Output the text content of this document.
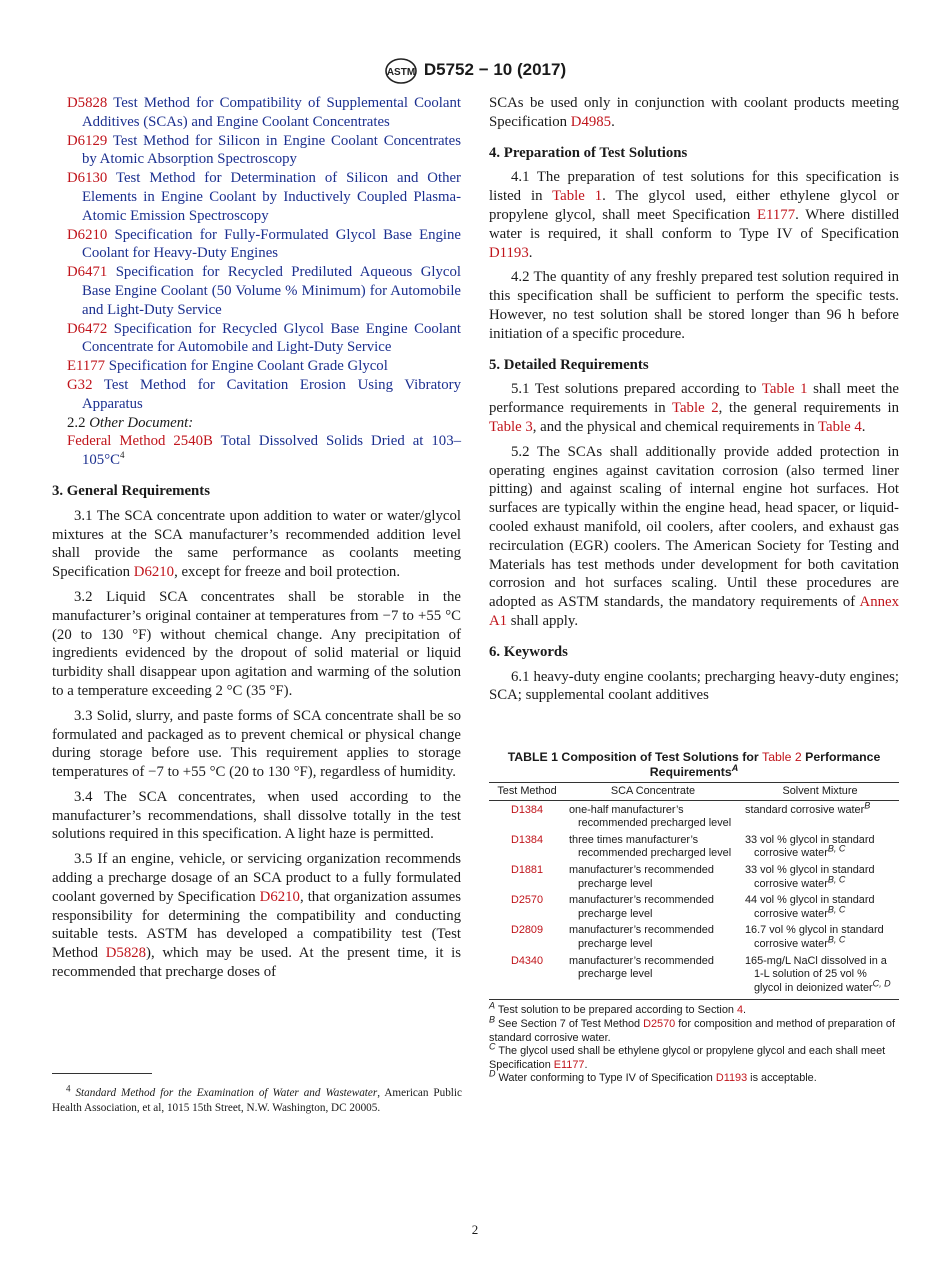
ASTM D5752 − 10 (2017)

D5828 Test Method for Compatibility of Supplemental Coolant Additives (SCAs) and Engine Coolant Concentrates

D6129 Test Method for Silicon in Engine Coolant Concentrates by Atomic Absorption Spectroscopy

D6130 Test Method for Determination of Silicon and Other Elements in Engine Coolant by Inductively Coupled Plasma-Atomic Emission Spectroscopy

D6210 Specification for Fully-Formulated Glycol Base Engine Coolant for Heavy-Duty Engines

D6471 Specification for Recycled Prediluted Aqueous Glycol Base Engine Coolant (50 Volume % Minimum) for Automobile and Light-Duty Service

D6472 Specification for Recycled Glycol Base Engine Coolant Concentrate for Automobile and Light-Duty Service

E1177 Specification for Engine Coolant Grade Glycol

G32 Test Method for Cavitation Erosion Using Vibratory Apparatus

2.2 Other Document:

Federal Method 2540B Total Dissolved Solids Dried at $103-105^\circ C^4$

3. General Requirements

3.1 The SCA concentrate upon addition to water or water/glycol mixtures at the SCA manufacturer’s recommended addition level shall provide the same performance as coolants meeting Specification D6210, except for freeze and boil protection.

3.2 Liquid SCA concentrates shall be storable in the manufacturer’s original container at temperatures from −7 to +55 °C (20 to 130 °F) without chemical change. Any precipitation of ingredients evidenced by the dropout of solid material or liquid turbidity shall disappear upon agitation and warming of the solution to a temperature exceeding 2 °C (35 °F).

3.3 Solid, slurry, and paste forms of SCA concentrate shall be so formulated and packaged as to prevent chemical or physical change during storage before use. This requirement applies to storage temperatures of −7 to +55 °C (20 to 130 °F), regardless of humidity.

3.4 The SCA concentrates, when used according to the manufacturer’s recommendations, shall dissolve totally in the test solutions required in this specification. A light haze is permitted.

3.5 If an engine, vehicle, or servicing organization recommends adding a precharge dosage of an SCA product to a fully formulated coolant governed by Specification D6210, that organization assumes responsibility for determining the compatibility and conducting suitable tests. ASTM has developed a compatibility test (Test Method D5828), which may be used. At the present time, it is recommended that precharge doses of

$^4$ Standard Method for the Examination of Water and Wastewater, American Public Health Association, et al, 1015 15th Street, N.W. Washington, DC 20005.

SCAs be used only in conjunction with coolant products meeting Specification D4985.

4. Preparation of Test Solutions

4.1 The preparation of test solutions for this specification is listed in Table 1. The glycol used, either ethylene glycol or propylene glycol, shall meet Specification E1177. Where distilled water is required, it shall conform to Type IV of Specification D1193.

4.2 The quantity of any freshly prepared test solution required in this specification shall be sufficient to perform the specific tests. However, no test solution shall be stored longer than 96 h before initiation of a specific procedure.

5. Detailed Requirements

5.1 Test solutions prepared according to Table 1 shall meet the performance requirements in Table 2, the general requirements in Table 3, and the physical and chemical requirements in Table 4.

5.2 The SCAs shall additionally provide added protection in operating engines against cavitation corrosion (also termed liner pitting) and against scaling of internal engine hot surfaces. Hot surfaces are typically within the engine head, head spacer, or liquid-cooled exhaust manifold, oil coolers, after coolers, and exhaust gas recirculation (EGR) coolers. The American Society for Testing and Materials has test methods under development for both cavitation corrosion and hot surfaces scaling. Until these procedures are adopted as ASTM standards, the mandatory requirements of Annex A1 shall apply.

6. Keywords

6.1 heavy-duty engine coolants; precharging heavy-duty engines; SCA; supplemental coolant additives

TABLE 1 Composition of Test Solutions for Table 2 Performance Requirements$^A$
Test Method	SCA Concentrate	Solvent Mixture
D1384	one-half manufacturer’s recommended precharged level	standard corrosive water$^B$
D1384	three times manufacturer’s recommended precharged level	33 vol % glycol in standard corrosive water$^{B, C}$
D1881	manufacturer’s recommended precharge level	33 vol % glycol in standard corrosive water$^{B, C}$
D2570	manufacturer’s recommended precharge level	44 vol % glycol in standard corrosive water$^{B, C}$
D2809	manufacturer’s recommended precharge level	16.7 vol % glycol in standard corrosive water$^{B, C}$
D4340	manufacturer’s recommended precharge level	165-mg/L NaCl dissolved in a 1-L solution of 25 vol % glycol in deionized water$^{C, D}$

$^A$ Test solution to be prepared according to Section 4.

$^B$ See Section 7 of Test Method D2570 for composition and method of preparation of standard corrosive water.

$^C$ The glycol used shall be ethylene glycol or propylene glycol and each shall meet Specification E1177.

$^D$ Water conforming to Type IV of Specification D1193 is acceptable.

2
